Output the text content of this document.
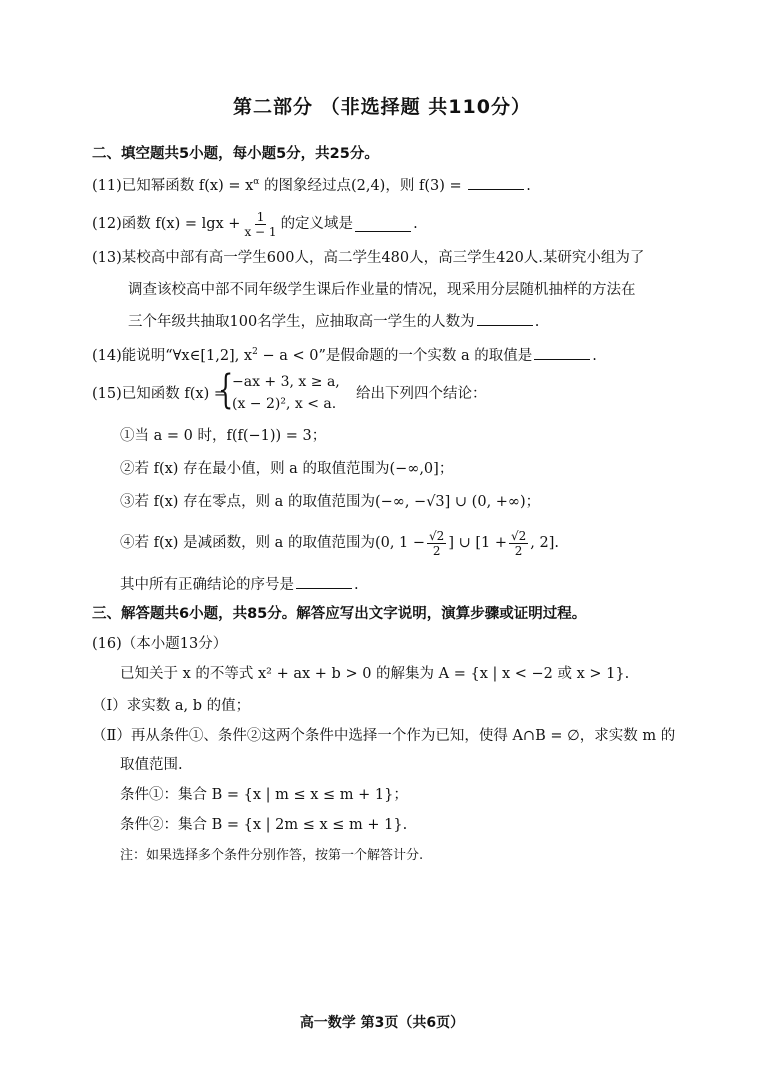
第二部分 （非选择题 共110分）
二、填空题共5小题，每小题5分，共25分。
(11)已知幂函数 $f(x) = x^\alpha$ 的图象经过点(2,4)，则 f(3) =	.
(12)函数 $f(x) = \lg x + \frac{1}{x - 1}$ 的定义域是	.
(13)某校高中部有高一学生600人，高二学生480人，高三学生420人.某研究小组为了
调查该校高中部不同年级学生课后作业量的情况，现采用分层随机抽样的方法在
三个年级共抽取100名学生，应抽取高一学生的人数为	.
(14)能说明“∀x∈[1,2], $x^2 - a < 0$”是假命题的一个实数 a 的取值是	.
(15)已知函数 f(x) =
{
−ax + 3, x ≥ a,
(x − 2)², x < a.
给出下列四个结论：
①当 a = 0 时，f(f(−1)) = 3；
②若 f(x) 存在最小值，则 a 的取值范围为(−∞,0]；
③若 f(x) 存在零点，则 a 的取值范围为(−∞, −√3] ∪ (0, +∞)；
④若 f(x) 是减函数，则 a 的取值范围为(0, $1 - \frac{√2}{2}$ ] ∪ [$1 + \frac{√2}{2}$ , 2].
其中所有正确结论的序号是	.
三、解答题共6小题，共85分。解答应写出文字说明，演算步骤或证明过程。
(16)（本小题13分）
已知关于 x 的不等式 x² + ax + b > 0 的解集为 A = {x | x < −2 或 x > 1}.
（Ⅰ）求实数 a, b 的值；
（Ⅱ）再从条件①、条件②这两个条件中选择一个作为已知，使得 A∩B = ∅，求实数 m 的
取值范围.
条件①：集合 B = {x | m ≤ x ≤ m + 1}；
条件②：集合 B = {x | 2m ≤ x ≤ m + 1}.
注：如果选择多个条件分别作答，按第一个解答计分.
高一数学 第3页（共6页）
